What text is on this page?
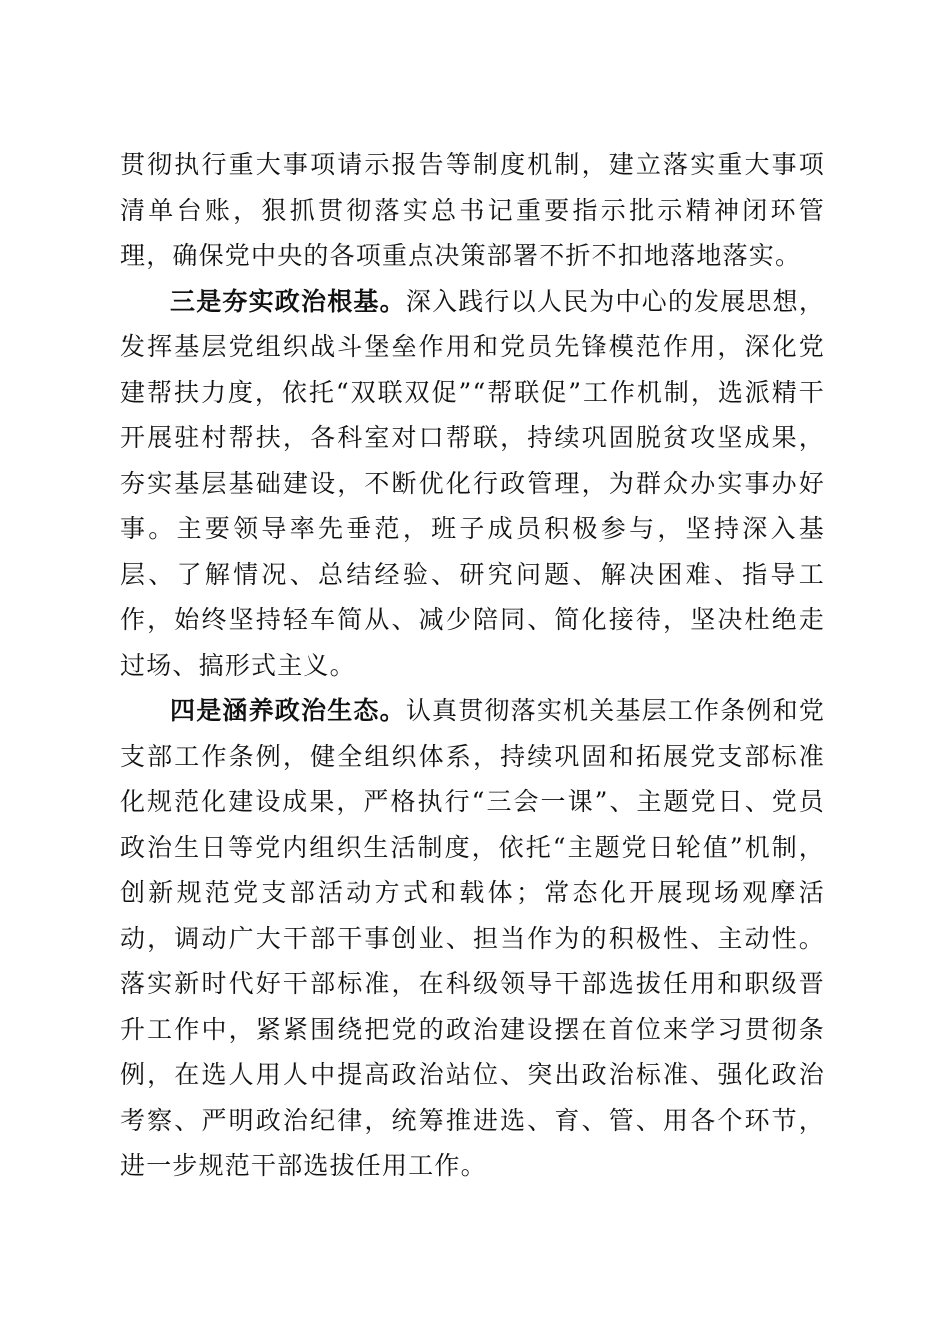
贯彻执行重大事项请示报告等制度机制，建立落实重大事项清单台账，狠抓贯彻落实总书记重要指示批示精神闭环管理，确保党中央的各项重点决策部署不折不扣地落地落实。

三是夯实政治根基。深入践行以人民为中心的发展思想，发挥基层党组织战斗堡垒作用和党员先锋模范作用，深化党建帮扶力度，依托“双联双促”“帮联促”工作机制，选派精干开展驻村帮扶，各科室对口帮联，持续巩固脱贫攻坚成果，夯实基层基础建设，不断优化行政管理，为群众办实事办好事。主要领导率先垂范，班子成员积极参与，坚持深入基层、了解情况、总结经验、研究问题、解决困难、指导工作，始终坚持轻车简从、减少陪同、简化接待，坚决杜绝走过场、搞形式主义。

四是涵养政治生态。认真贯彻落实机关基层工作条例和党支部工作条例，健全组织体系，持续巩固和拓展党支部标准化规范化建设成果，严格执行“三会一课”、主题党日、党员政治生日等党内组织生活制度，依托“主题党日轮值”机制，创新规范党支部活动方式和载体；常态化开展现场观摩活动，调动广大干部干事创业、担当作为的积极性、主动性。落实新时代好干部标准，在科级领导干部选拔任用和职级晋升工作中，紧紧围绕把党的政治建设摆在首位来学习贯彻条例，在选人用人中提高政治站位、突出政治标准、强化政治考察、严明政治纪律，统筹推进选、育、管、用各个环节，进一步规范干部选拔任用工作。
